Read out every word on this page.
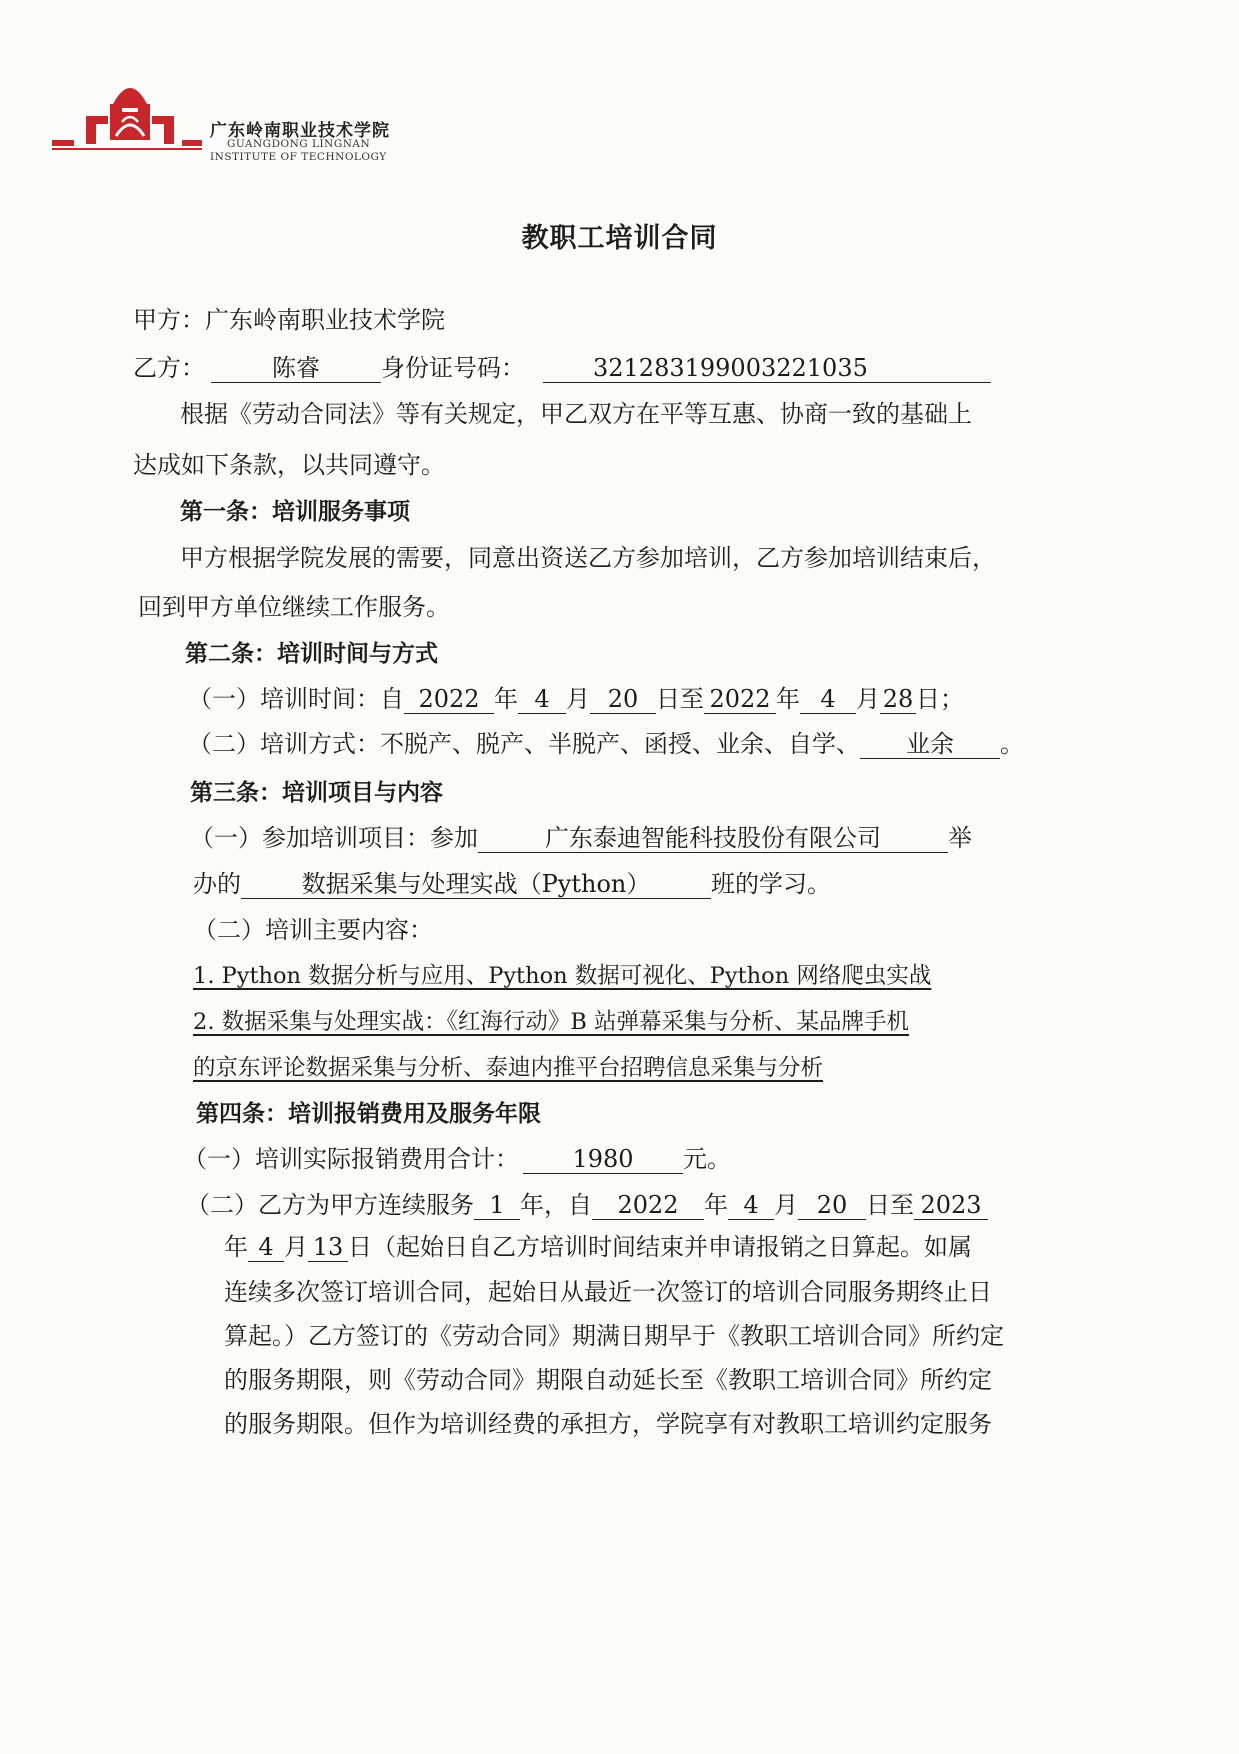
广东岭南职业技术学院
GUANGDONG LINGNAN
INSTITUTE OF TECHNOLOGY
教职工培训合同
甲方：广东岭南职业技术学院
乙方：	陈睿	身份证号码：	321283199003221035
根据《劳动合同法》等有关规定，甲乙双方在平等互惠、协商一致的基础上
达成如下条款，以共同遵守。
第一条：培训服务事项
甲方根据学院发展的需要，同意出资送乙方参加培训，乙方参加培训结束后，
回到甲方单位继续工作服务。
第二条：培训时间与方式
（一）培训时间：自 2022 年 4 月 20 日至 2022 年 4 月 28 日；
（二）培训方式：不脱产、脱产、半脱产、函授、业余、自学、 业余 。
第三条：培训项目与内容
（一）参加培训项目：参加	广东泰迪智能科技股份有限公司	举
办的	数据采集与处理实战（Python）	班的学习。
（二）培训主要内容：
1. Python 数据分析与应用、Python 数据可视化、Python 网络爬虫实战
2. 数据采集与处理实战：《红海行动》B 站弹幕采集与分析、某品牌手机
的京东评论数据采集与分析、泰迪内推平台招聘信息采集与分析
第四条：培训报销费用及服务年限
（一）培训实际报销费用合计： 1980 元。
（二）乙方为甲方连续服务 1 年，自 2022 年 4 月 20 日至 2023
年 4 月 13 日（起始日自乙方培训时间结束并申请报销之日算起。如属
连续多次签订培训合同，起始日从最近一次签订的培训合同服务期终止日
算起。）乙方签订的《劳动合同》期满日期早于《教职工培训合同》所约定
的服务期限，则《劳动合同》期限自动延长至《教职工培训合同》所约定
的服务期限。但作为培训经费的承担方，学院享有对教职工培训约定服务
